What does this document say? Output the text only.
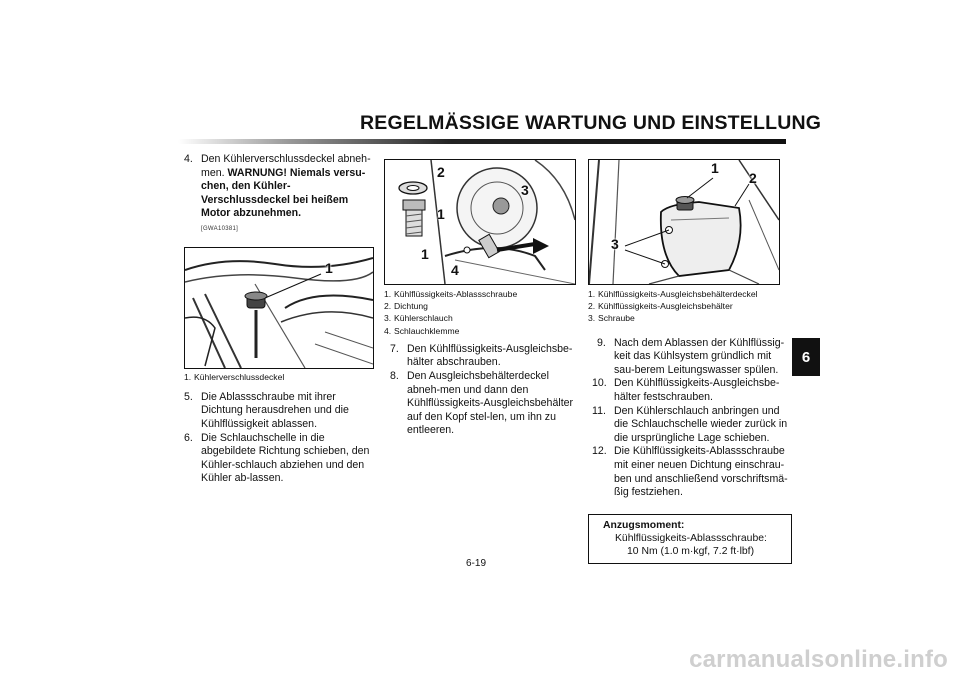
REGELMÄSSIGE WARTUNG UND EINSTELLUNG
6
4. Den Kühlerverschlussdeckel abneh-men. WARNUNG! Niemals versu-chen, den Kühler-Verschlussdeckel bei heißem Motor abzunehmen.
[GWA10381]
1
1. Kühlerverschlussdeckel
5. Die Ablassschraube mit ihrer Dichtung herausdrehen und die Kühlflüssigkeit ablassen.
6. Die Schlauchschelle in die abgebildete Richtung schieben, den Kühler-schlauch abziehen und den Kühler ab-lassen.
2
1
3
1
4
1. Kühlflüssigkeits-Ablassschraube
2. Dichtung
3. Kühlerschlauch
4. Schlauchklemme
7. Den Kühlflüssigkeits-Ausgleichsbe-hälter abschrauben.
8. Den Ausgleichsbehälterdeckel abneh-men und dann den Kühlflüssigkeits-Ausgleichsbehälter auf den Kopf stel-len, um ihn zu entleeren.
1
2
3
1. Kühlflüssigkeits-Ausgleichsbehälterdeckel
2. Kühlflüssigkeits-Ausgleichsbehälter
3. Schraube
9. Nach dem Ablassen der Kühlflüssig-keit das Kühlsystem gründlich mit sau-berem Leitungswasser spülen.
10. Den Kühlflüssigkeits-Ausgleichsbe-hälter festschrauben.
11. Den Kühlerschlauch anbringen und die Schlauchschelle wieder zurück in die ursprüngliche Lage schieben.
12. Die Kühlflüssigkeits-Ablassschraube mit einer neuen Dichtung einschrau-ben und anschließend vorschriftsmä-ßig festziehen.
Anzugsmoment:
Kühlflüssigkeits-Ablassschraube:
10 Nm (1.0 m·kgf, 7.2 ft·lbf)
6-19
carmanualsonline.info
